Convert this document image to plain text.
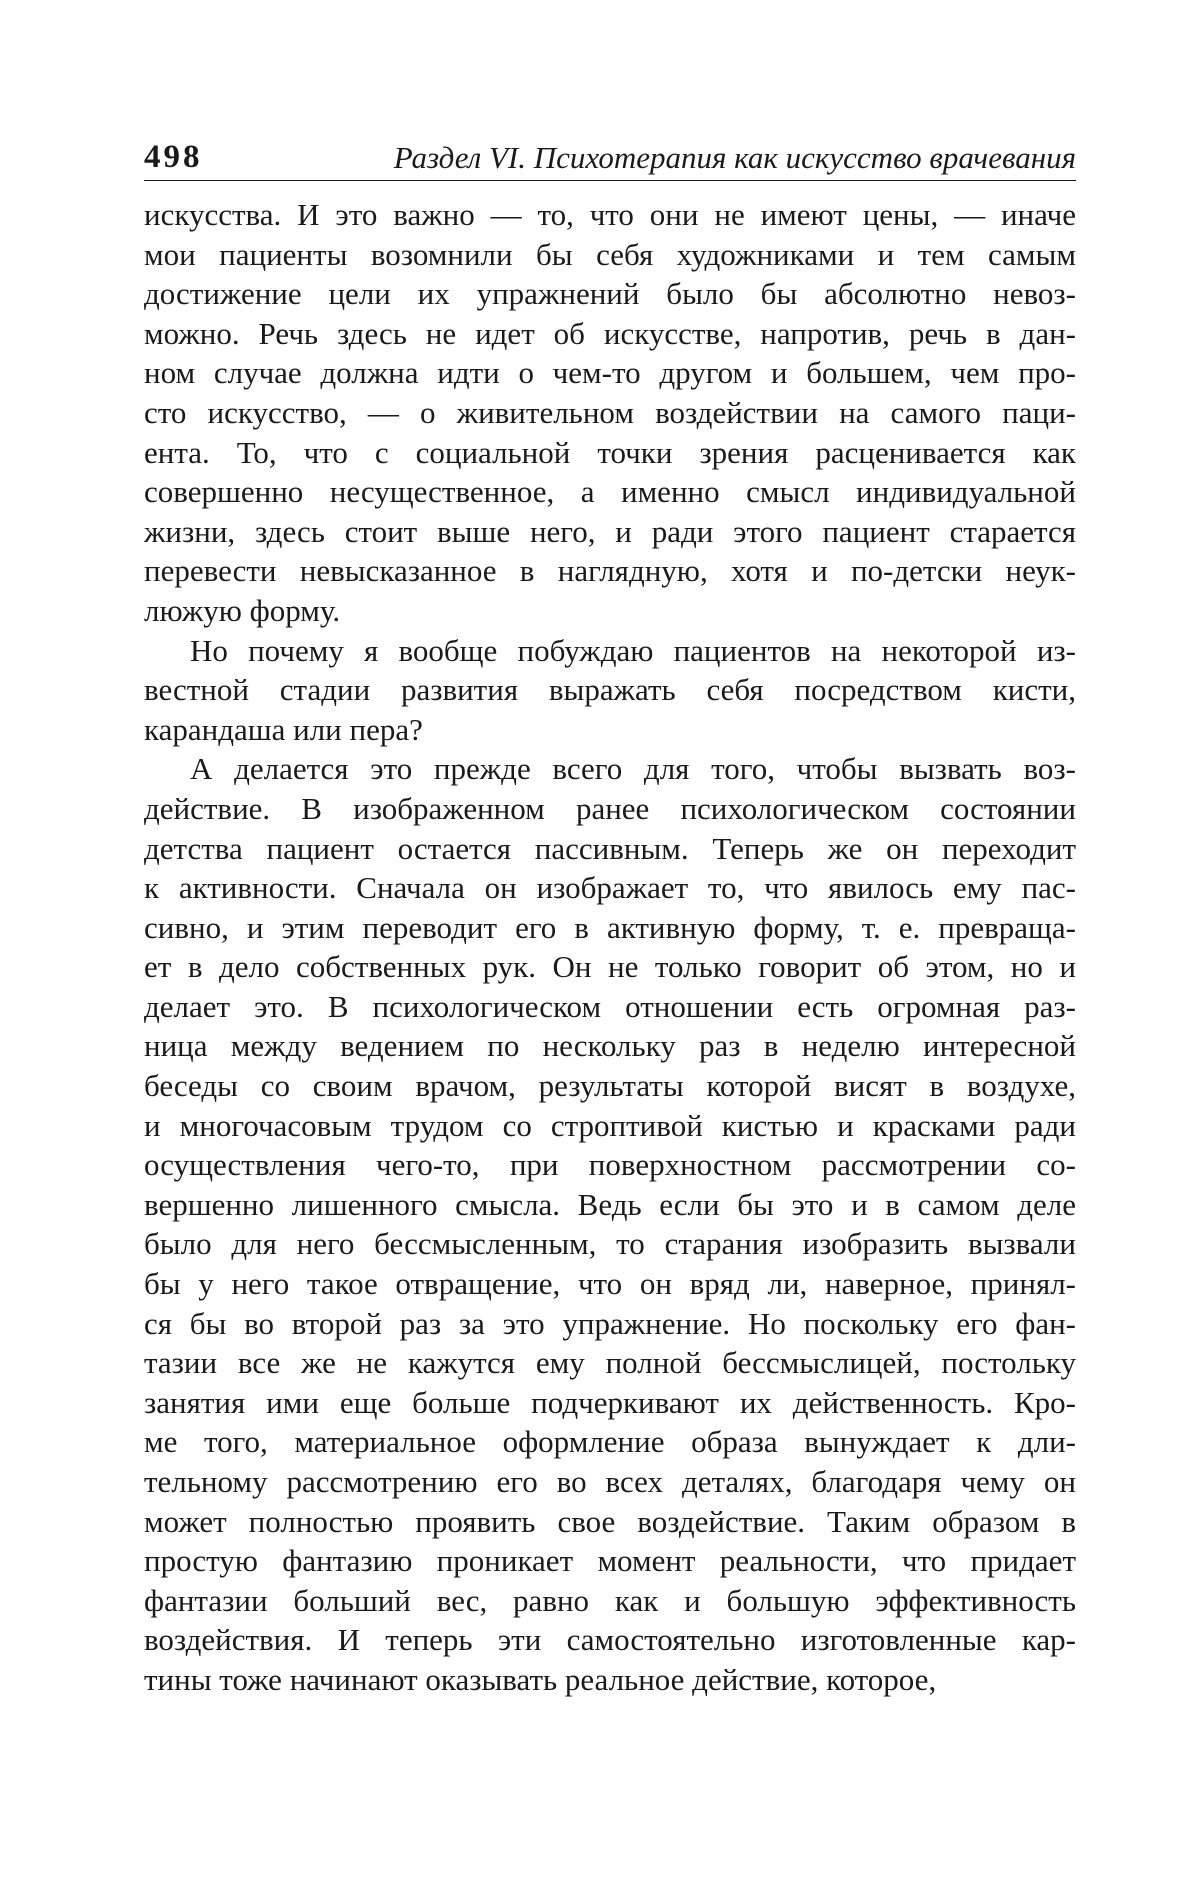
498	Раздел VI. Психотерапия как искусство врачевания
искусства. И это важно — то, что они не имеют цены, — иначе
мои пациенты возомнили бы себя художниками и тем самым
достижение цели их упражнений было бы абсолютно невоз-
можно. Речь здесь не идет об искусстве, напротив, речь в дан-
ном случае должна идти о чем-то другом и большем, чем про-
сто искусство, — о живительном воздействии на самого паци-
ента. То, что с социальной точки зрения расценивается как
совершенно несущественное, а именно смысл индивидуальной
жизни, здесь стоит выше него, и ради этого пациент старается
перевести невысказанное в наглядную, хотя и по-детски неук-
люжую форму.
Но почему я вообще побуждаю пациентов на некоторой из-
вестной стадии развития выражать себя посредством кисти,
карандаша или пера?
А делается это прежде всего для того, чтобы вызвать воз-
действие. В изображенном ранее психологическом состоянии
детства пациент остается пассивным. Теперь же он переходит
к активности. Сначала он изображает то, что явилось ему пас-
сивно, и этим переводит его в активную форму, т. е. превраща-
ет в дело собственных рук. Он не только говорит об этом, но и
делает это. В психологическом отношении есть огромная раз-
ница между ведением по нескольку раз в неделю интересной
беседы со своим врачом, результаты которой висят в воздухе,
и многочасовым трудом со строптивой кистью и красками ради
осуществления чего-то, при поверхностном рассмотрении со-
вершенно лишенного смысла. Ведь если бы это и в самом деле
было для него бессмысленным, то старания изобразить вызвали
бы у него такое отвращение, что он вряд ли, наверное, принял-
ся бы во второй раз за это упражнение. Но поскольку его фан-
тазии все же не кажутся ему полной бессмыслицей, постольку
занятия ими еще больше подчеркивают их действенность. Кро-
ме того, материальное оформление образа вынуждает к дли-
тельному рассмотрению его во всех деталях, благодаря чему он
может полностью проявить свое воздействие. Таким образом в
простую фантазию проникает момент реальности, что придает
фантазии больший вес, равно как и большую эффективность
воздействия. И теперь эти самостоятельно изготовленные кар-
тины тоже начинают оказывать реальное действие, которое,
